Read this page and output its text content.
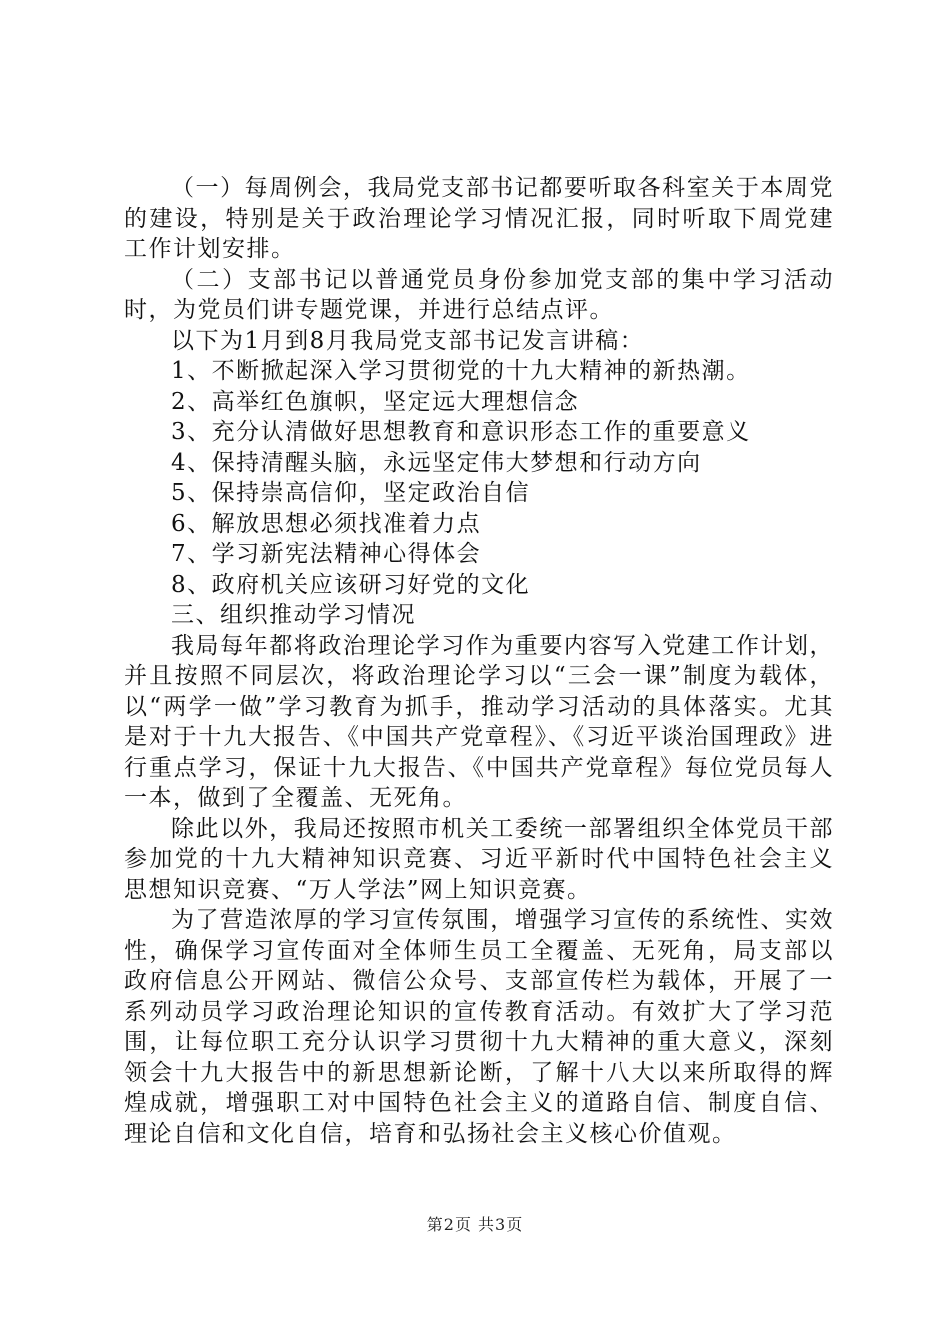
（一）每周例会，我局党支部书记都要听取各科室关于本周党的建设，特别是关于政治理论学习情况汇报，同时听取下周党建工作计划安排。

（二）支部书记以普通党员身份参加党支部的集中学习活动时，为党员们讲专题党课，并进行总结点评。

以下为1月到8月我局党支部书记发言讲稿：

1、不断掀起深入学习贯彻党的十九大精神的新热潮。

2、高举红色旗帜，坚定远大理想信念

3、充分认清做好思想教育和意识形态工作的重要意义

4、保持清醒头脑，永远坚定伟大梦想和行动方向

5、保持崇高信仰，坚定政治自信

6、解放思想必须找准着力点

7、学习新宪法精神心得体会

8、政府机关应该研习好党的文化

三、组织推动学习情况

我局每年都将政治理论学习作为重要内容写入党建工作计划，并且按照不同层次，将政治理论学习以“三会一课”制度为载体，以“两学一做”学习教育为抓手，推动学习活动的具体落实。尤其是对于十九大报告、《中国共产党章程》、《习近平谈治国理政》进行重点学习，保证十九大报告、《中国共产党章程》每位党员每人一本，做到了全覆盖、无死角。

除此以外，我局还按照市机关工委统一部署组织全体党员干部参加党的十九大精神知识竞赛、习近平新时代中国特色社会主义思想知识竞赛、“万人学法”网上知识竞赛。

为了营造浓厚的学习宣传氛围，增强学习宣传的系统性、实效性，确保学习宣传面对全体师生员工全覆盖、无死角，局支部以政府信息公开网站、微信公众号、支部宣传栏为载体，开展了一系列动员学习政治理论知识的宣传教育活动。有效扩大了学习范围，让每位职工充分认识学习贯彻十九大精神的重大意义，深刻领会十九大报告中的新思想新论断，了解十八大以来所取得的辉煌成就，增强职工对中国特色社会主义的道路自信、制度自信、理论自信和文化自信，培育和弘扬社会主义核心价值观。

第2页 共3页
